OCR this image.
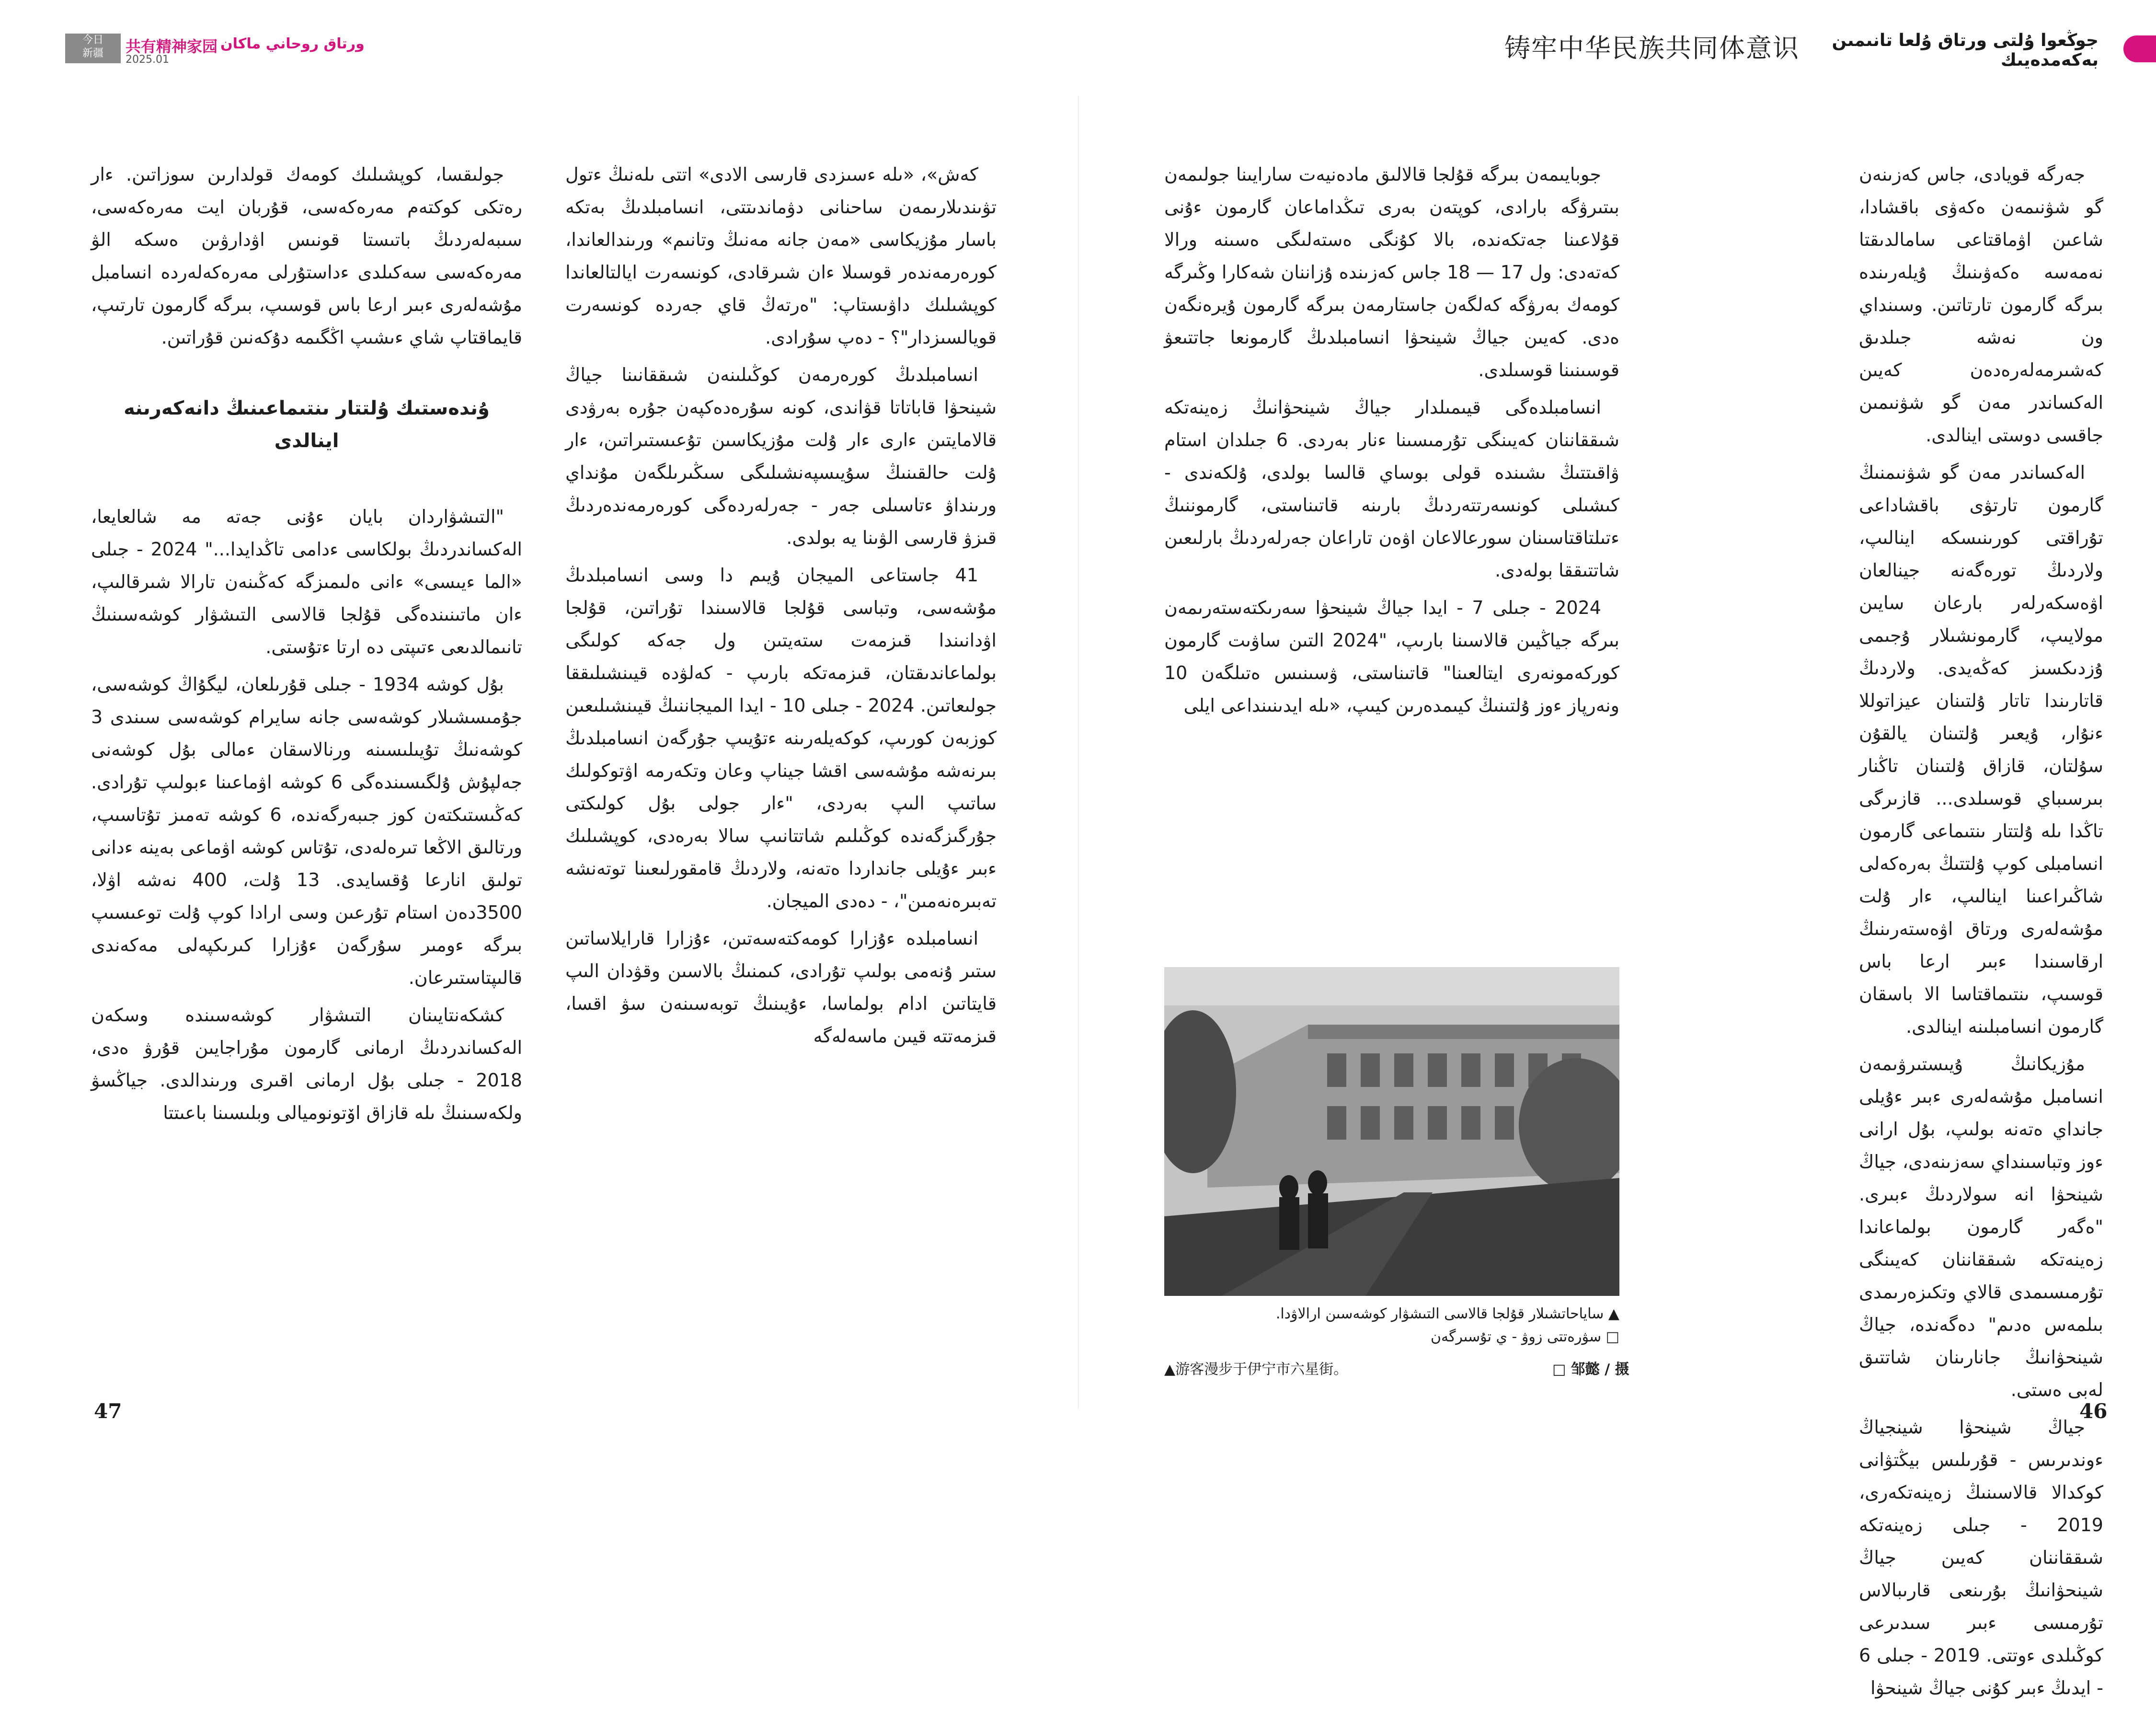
今日
新疆	共有精神家园 ورتاق روحاني ماكان
2025.01	铸牢中华民族共同体意识	جوڭعوا ۇلتى ورتاق ۇلعا تانىمىن بەكەمدەيىك

جەرگە قويادى، جاس كەزىنەن گو شۋنىمەن ەكەۋى باقشادا، شاعىن اۋماقتاعى سامالدىقتا نەمەسە ەكەۋىنىڭ ۇيلەرىندە بىرگە گارمون تارتاتىن. وسىنداي ون نەشە جىلدىق كەشىرمەلەرەدەن كەيىن الەكساندر مەن گو شۋنىمىن جاقسى دوستى اينالدى.

الەكساندر مەن گو شۋنىمنىڭ گارمون تارتۋى باقشاداعى تۇراقتى كورىنىسكە اينالىپ، ولاردىڭ تورەگەنە جينالعان اۋەسكەرلەر بارعان سايىن مولايىپ، گارمونشىلار ۇجىمى ۇزدىكسىز كەڭەيدى. ولاردىڭ قاتارىندا تاتار ۇلتىنان عيزاتوللا ءنۇار، ۇيعىر ۇلتىنان يالقۇن سۇلتان، قازاق ۇلتىنان تاڭنار بىرسىباي قوسىلدى... قازىرگى تاڭدا ىلە ۇلتتار ىنتىماعى گارمون انسامبلى كوپ ۇلتتىڭ بەرەكەلى شاڭىراعىنا اينالىپ، ءار ۇلت مۇشەلەرى ورتاق اۋەستەرىنىڭ ارقاسىندا ءبىر ارعا باس قوسىپ، ىنتىماقتاسا الا باسقان گارمون انسامبلىنە اينالدى.

مۇزيكانىڭ ۇيىستىرۋىمەن انسامبل مۇشەلەرى ءبىر ءۇيلى جانداي ەتەنە بولىپ، بۇل ارانى ءوز وتباسىنداي سەزىنەدى، جياڭ شينحۋا انە سولاردىڭ ءبىرى. "ەگەر گارمون بولماعاندا زەينەتكە شىققاننان كەيىنگى تۇرمىسىمدى قالاي وتكىزەرىمدى بىلمەس ەدىم" دەگەندە، جياڭ شينحۋانىڭ جانارىنان شاتتىق لەبى ەستى.

جياڭ شينحۋا شينجياڭ ءوندىرىس - قۇرىلىس بيڭتۋانى كوكدالا قالاسىنىڭ زەينەتكەرى، 2019 - جىلى زەينەتكە شىققاننان كەيىن جياڭ شينحۋانىڭ بۇرىنعى قارىبالاس تۇرمىسى ءبىر سىدىرعى كوڭىلدى ءوتتى. 2019 - جىلى 6 - ايدىڭ ءبىر كۇنى جياڭ شينحۋا

جوبايىمەن بىرگە قۇلجا قالالىق مادەنيەت سارايىنا جولىمەن بىتىرۋگە بارادى، كوپتەن بەرى تىڭداماعان گارمون ءۇنى قۇلاعىنا جەتكەندە، بالا كۇنگى ەستەلىگى ەسىنە ورالا كەتەدى: ول 17 — 18 جاس كەزىندە ۇزاننان شەكارا وڭىرگە كومەك بەرۋگە كەلگەن جاستارمەن بىرگە گارمون ۇيرەنگەن ەدى. كەيىن جياڭ شينحۋا انسامبلدىڭ گارمونعا جاتتىعۋ قوسىنىنا قوسىلدى.

انسامبلدەگى قيىمىلدار جياڭ شينحۋانىڭ زەينەتكە شىققاننان كەيىنگى تۇرمىسىنا ءنار بەردى. 6 جىلدان استام ۋاقىتتىڭ ىشىندە قولى بوساي قالسا بولدى، ۇلكەندى - كىشىلى كونسەرتتەردىڭ بارىنە قاتىناستى، گارموننىڭ ءتىلتاقتاسىنان سورعالاعان اۋەن تاراعان جەرلەردىڭ بارلىعىن شاتتىققا بولەدى.

2024 - جىلى 7 - ايدا جياڭ شينحۋا سەرىكتەستەرىمەن بىرگە جياڭيىن قالاسىنا بارىپ، "2024 التىن ساۋىت گارمون كوركەمونەرى ايتالعىنا" قاتىناستى، ۋسىنىس ەتىلگەن 10 ونەرپاز ءوز ۇلتىنىڭ كيىمدەرىن كيىپ، «ىلە ايدىنىنداعى ايلى

▲ ساياحاتشىلار قۇلجا قالاسى التىشۋار كوشەسىن ارالاۋدا.
□ سۋرەتتى زوۋ - ي تۇسىرگەن
▲游客漫步于伊宁市六星街。	□ 邹懿 / 摄

كەش»، «ىلە ءسىزدى قارسى الادى» اتتى ىلەنىڭ ءتول تۋىندىلارىمەن ساحنانى دۋماندىتتى، انسامبلدىڭ بەتكە باسار مۇزيكاسى «مەن جانە مەنىڭ وتانىم» ورىندالعاندا، كورەرمەندەر قوسىلا ءان شىرقادى، كونسەرت ايالتالعاندا كوپشىلىك داۋىستاپ: "ەرتەڭ قاي جەردە كونسەرت قويالسىزدار"؟ - دەپ سۇرادى.

انسامبلدىڭ كورەرمەن كوڭىلىنەن شىققانىنا جياڭ شينحۋا قاباتاتا قۋاندى، كونە سۇرەدەكپەن جۇرە بەرۋدى قالامايتىن ءارى ءار ۇلت مۇزيكاسىن تۇعىستىراتىن، ءار ۇلت حالقىنىڭ سۇيىسپەنشىلىگى سىڭىرىلگەن مۇنداي ورىنداۋ ءتاسىلى جەر - جەرلەردەگى كورەرمەندەردىڭ قىزۋ قارسى الۋىنا يە بولدى.

41 جاستاعى الميجان ۇيىم دا وسى انسامبلدىڭ مۇشەسى، وتباسى قۇلجا قالاسىندا تۇراتىن، قۇلجا اۋدانىندا قىزمەت ستەيتىن ول جەكە كولىگى بولماعاندىقتان، قىزمەتكە بارىپ - كەلۋدە قيىنشىلىققا جولىعاتىن. 2024 - جىلى 10 - ايدا الميجاننىڭ قيىنشىلىعىن كوزبەن كورىپ، كوكەيلەرىنە ءتۇيىپ جۇرگەن انسامبلدىڭ بىرنەشە مۇشەسى اقشا جيناپ وعان وتكەرمە اۋتوكولىك ساتىپ الىپ بەردى، "ءار جولى بۇل كولىكتى جۇرگىزگەندە كوڭىلىم شاتتانىپ سالا بەرەدى، كوپشىلىك ءبىر ءۇيلى جانداردا ەتەنە، ولاردىڭ قامقورلىعىنا توتەنشە تەبىرەنەمىن"، - دەدى الميجان.

انسامبلدە ءۇزارا كومەكتەسەتىن، ءۇزارا قارايلاساتىن ستىر ۇنەمى بولىپ تۇرادى، كىمنىڭ بالاسىن وقۋدان الىپ قايتاتىن ادام بولماسا، ءۇيىنىڭ توبەسىنەن سۋ اقسا، قىزمەتتە قيىن ماسەلەگە

جولىقسا، كوپشىلىك كومەك قولدارىن سوزاتىن. ءار رەتكى كوكتەم مەرەكەسى، قۇربان ايت مەرەكەسى، سىبەلەردىڭ باتىستا قونىس اۋدارۋىن ەسكە الۋ مەرەكەسى سەكىلدى ءداستۇرلى مەرەكەلەردە انسامبل مۇشەلەرى ءبىر ارعا باس قوسىپ، بىرگە گارمون تارتىپ، قايماقتاپ شاي ءىشىپ اڭگىمە دۇكەنىن قۇراتىن.

ۇندەستىك ۇلتتار ىنتىماعىنىڭ دانەكەرىنە اينالدى

"التىشۋاردان بايان ءۇنى جەتە مە شالعايعا، الەكساندردىڭ بولكاسى ءدامى تاڭدايدا..." 2024 - جىلى «الما ءيىسى» ءانى ەلىمىزگە كەڭىنەن تارالا شىرقالىپ، ءان ماتىنىندەگى قۇلجا قالاسى التىشۋار كوشەسىنىڭ تانىمالدىعى ءتىپتى دە ارتا ءتۇستى.

بۇل كوشە 1934 - جىلى قۇرىلعان، ليگۇاڭ كوشەسى، جۇمىسشىلار كوشەسى جانە سايرام كوشەسى سىندى 3 كوشەنىڭ تۇيىلىسىنە ورنالاسقان ءمالى بۇل كوشەنى جەلپۇش ۇلگىسىندەگى 6 كوشە اۋماعىنا ءبولىپ تۇرادى. كەڭىستىكتەن كوز جىبەرگەندە، 6 كوشە تەمىز تۇتاسىپ، ورتالىق الاڭعا تىرەلەدى، تۇتاس كوشە اۋماعى بەينە ءدانى تولىق انارعا ۇقسايدى. 13 ۇلت، 400 نەشە اۋلا، 3500دەن استام تۇرعىن وسى ارادا كوپ ۇلت توعىسىپ بىرگە ءومىر سۇرگەن ءۇزارا كىرىكپەلى مەكەندى قالىپتاستىرعان.

كشكەنتايىنان التىشۋار كوشەسىندە وسكەن الەكساندردىڭ ارمانى گارمون مۇراجايىن قۇرۋ ەدى، 2018 - جىلى بۇل ارمانى اقىرى ورىندالدى. جياڭسۋ ولكەسىنىڭ ىلە قازاق اۆتونوميالى وبلىسىنا باعىتتا

47	46
